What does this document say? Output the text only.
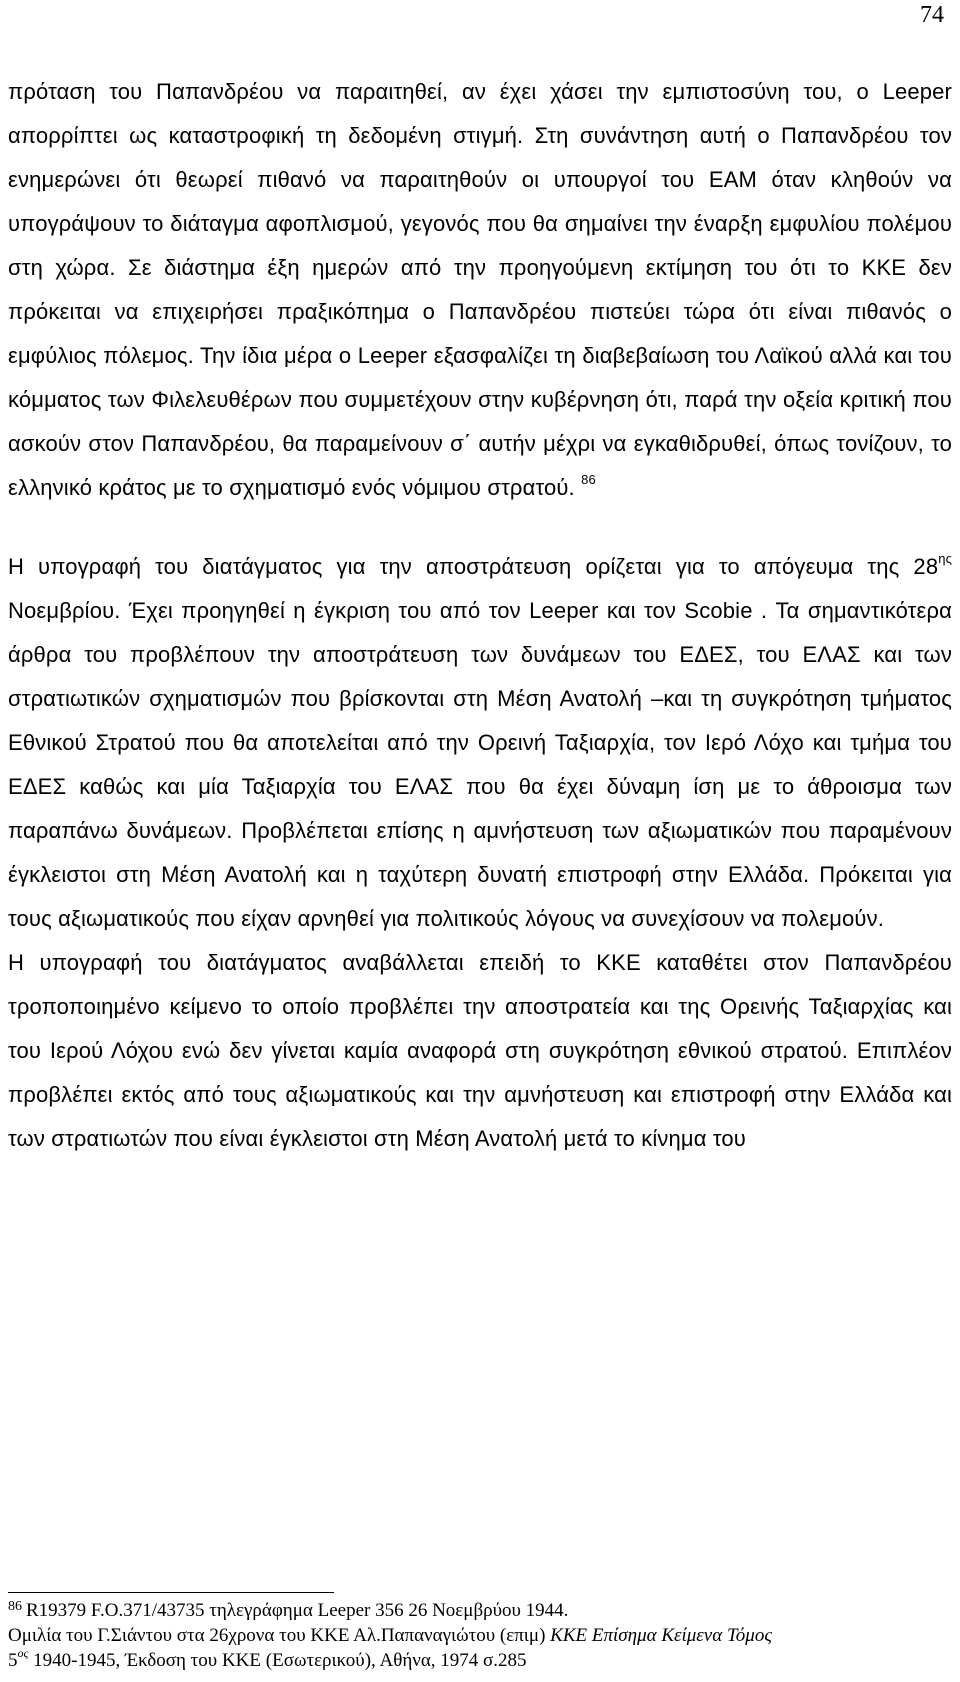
74

πρόταση του Παπανδρέου να παραιτηθεί, αν έχει χάσει την εμπιστοσύνη του, ο Leeper απορρίπτει ως καταστροφική τη δεδομένη στιγμή. Στη συνάντηση αυτή ο Παπανδρέου τον ενημερώνει ότι θεωρεί πιθανό να παραιτηθούν οι υπουργοί του ΕΑΜ όταν κληθούν να υπογράψουν το διάταγμα αφοπλισμού, γεγονός που θα σημαίνει την έναρξη εμφυλίου πολέμου στη χώρα. Σε διάστημα έξη ημερών από την προηγούμενη εκτίμηση του ότι το ΚΚΕ δεν πρόκειται να επιχειρήσει πραξικόπημα ο Παπανδρέου πιστεύει τώρα ότι είναι πιθανός ο εμφύλιος πόλεμος. Την ίδια μέρα ο Leeper εξασφαλίζει τη διαβεβαίωση του Λαϊκού αλλά και του κόμματος των Φιλελευθέρων που συμμετέχουν στην κυβέρνηση ότι, παρά την οξεία κριτική που ασκούν στον Παπανδρέου, θα παραμείνουν σ΄ αυτήν μέχρι να εγκαθιδρυθεί, όπως τονίζουν, το ελληνικό κράτος με το σχηματισμό ενός νόμιμου στρατού. $^{86}$

Η υπογραφή του διατάγματος για την αποστράτευση ορίζεται για το απόγευμα της $28^{\eta\varsigma}$ Νοεμβρίου. Έχει προηγηθεί η έγκριση του από τον Leeper και τον Scobie . Τα σημαντικότερα άρθρα του προβλέπουν την αποστράτευση των δυνάμεων του ΕΔΕΣ, του ΕΛΑΣ και των στρατιωτικών σχηματισμών που βρίσκονται στη Μέση Ανατολή –και τη συγκρότηση τμήματος Εθνικού Στρατού που θα αποτελείται από την Ορεινή Ταξιαρχία, τον Ιερό Λόχο και τμήμα του ΕΔΕΣ καθώς και μία Ταξιαρχία του ΕΛΑΣ που θα έχει δύναμη ίση με το άθροισμα των παραπάνω δυνάμεων. Προβλέπεται επίσης η αμνήστευση των αξιωματικών που παραμένουν έγκλειστοι στη Μέση Ανατολή και η ταχύτερη δυνατή επιστροφή στην Ελλάδα. Πρόκειται για τους αξιωματικούς που είχαν αρνηθεί για πολιτικούς λόγους να συνεχίσουν να πολεμούν.

Η υπογραφή του διατάγματος αναβάλλεται επειδή το ΚΚΕ καταθέτει στον Παπανδρέου τροποποιημένο κείμενο το οποίο προβλέπει την αποστρατεία και της Ορεινής Ταξιαρχίας και του Ιερού Λόχου ενώ δεν γίνεται καμία αναφορά στη συγκρότηση εθνικού στρατού. Επιπλέον προβλέπει εκτός από τους αξιωματικούς και την αμνήστευση και επιστροφή στην Ελλάδα και των στρατιωτών που είναι έγκλειστοι στη Μέση Ανατολή μετά το κίνημα του

$^{86}$ R19379 F.O.371/43735 τηλεγράφημα Leeper 356 26 Νοεμβρύου 1944.

Ομιλία του Γ.Σιάντου στα 26χρονα του ΚΚΕ Αλ.Παπαναγιώτου (επιμ) ΚΚΕ Επίσημα Κείμενα Τόμος

$5^{o\varsigma}$ 1940-1945, Έκδοση του ΚΚΕ (Εσωτερικού), Αθήνα, 1974 σ.285
